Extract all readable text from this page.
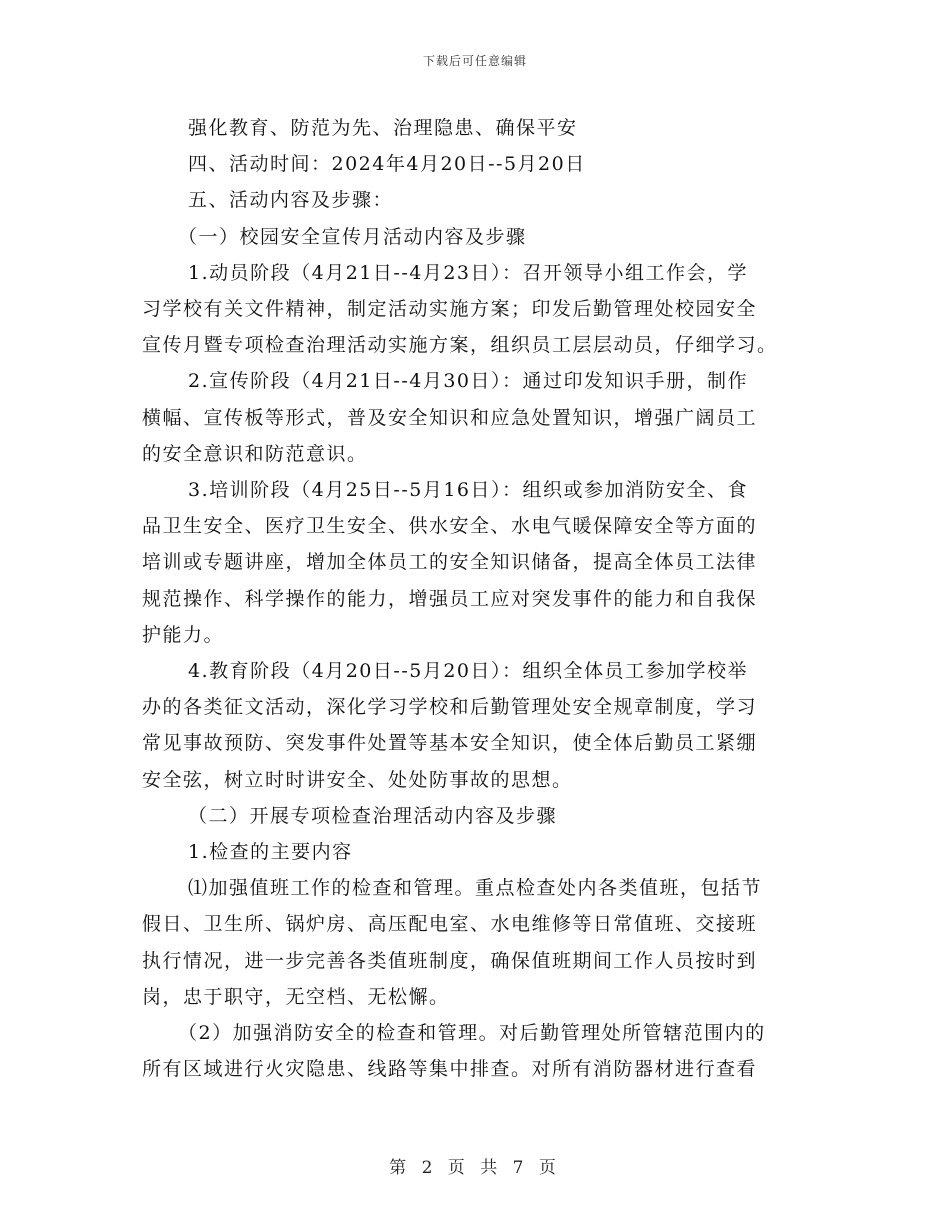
下载后可任意编辑

强化教育、防范为先、治理隐患、确保平安

四、活动时间：2024年4月20日--5月20日

五、活动内容及步骤：

（一）校园安全宣传月活动内容及步骤

1.动员阶段（4月21日--4月23日）：召开领导小组工作会，学

习学校有关文件精神，制定活动实施方案；印发后勤管理处校园安全

宣传月暨专项检查治理活动实施方案，组织员工层层动员，仔细学习。

2.宣传阶段（4月21日--4月30日）：通过印发知识手册，制作

横幅、宣传板等形式，普及安全知识和应急处置知识，增强广阔员工

的安全意识和防范意识。

3.培训阶段（4月25日--5月16日）：组织或参加消防安全、食

品卫生安全、医疗卫生安全、供水安全、水电气暖保障安全等方面的

培训或专题讲座，增加全体员工的安全知识储备，提高全体员工法律

规范操作、科学操作的能力，增强员工应对突发事件的能力和自我保

护能力。

4.教育阶段（4月20日--5月20日）：组织全体员工参加学校举

办的各类征文活动，深化学习学校和后勤管理处安全规章制度，学习

常见事故预防、突发事件处置等基本安全知识，使全体后勤员工紧绷

安全弦，树立时时讲安全、处处防事故的思想。

（二）开展专项检查治理活动内容及步骤

1.检查的主要内容

⑴加强值班工作的检查和管理。重点检查处内各类值班，包括节

假日、卫生所、锅炉房、高压配电室、水电维修等日常值班、交接班

执行情况，进一步完善各类值班制度，确保值班期间工作人员按时到

岗，忠于职守，无空档、无松懈。

（2）加强消防安全的检查和管理。对后勤管理处所管辖范围内的

所有区域进行火灾隐患、线路等集中排查。对所有消防器材进行查看

第 2 页 共 7 页
